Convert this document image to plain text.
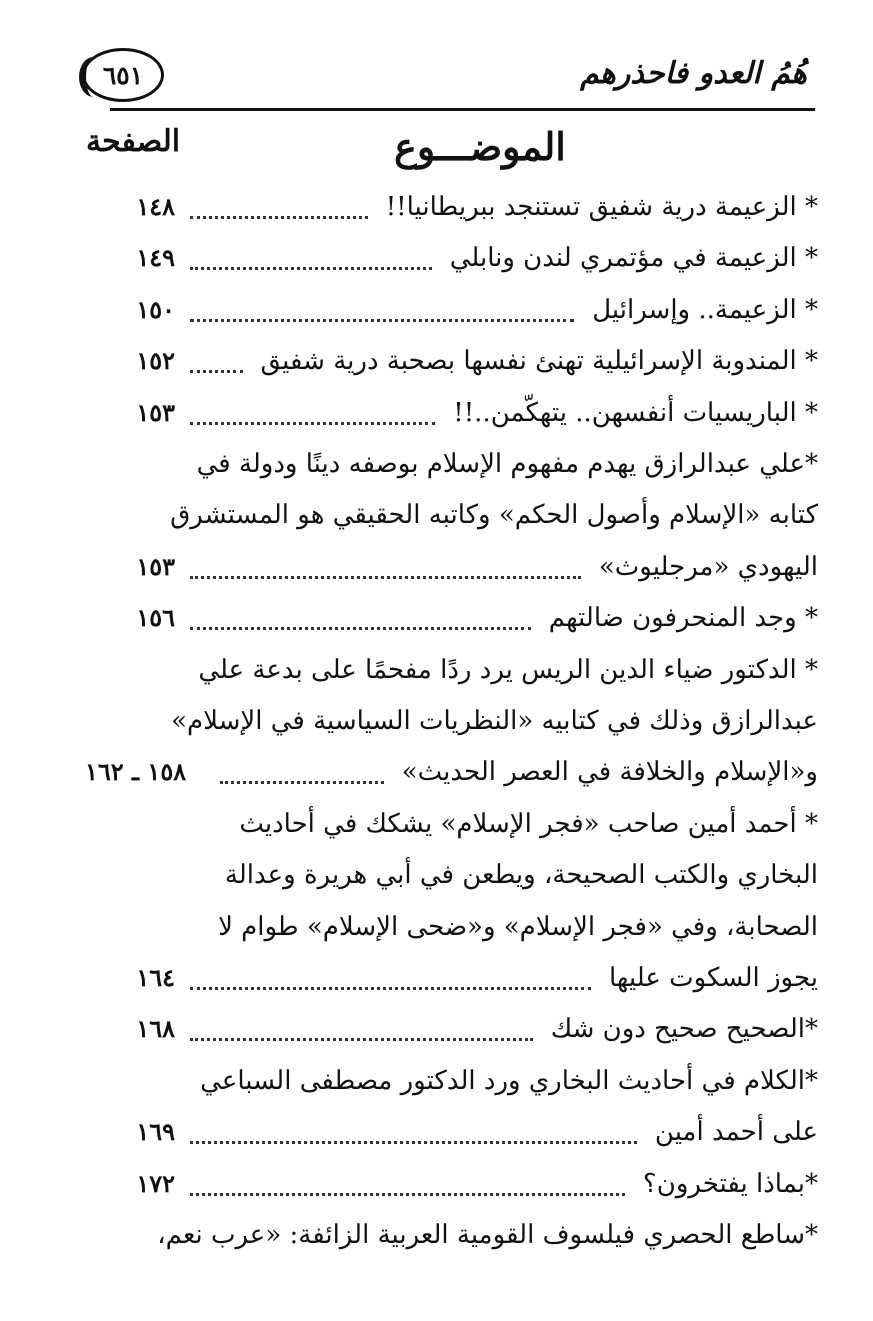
٦٥١	هُمُ العدو فاحذرهم
الموضـــوع
الصفحة
* الزعيمة درية شفيق تستنجد ببريطانيا!!
١٤٨
* الزعيمة في مؤتمري لندن ونابلي
١٤٩
* الزعيمة.. وإسرائيل
١٥٠
* المندوبة الإسرائيلية تهنئ نفسها بصحبة درية شفيق
١٥٢
* الباريسيات أنفسهن.. يتهكّمن..!!
١٥٣
*علي عبدالرازق يهدم مفهوم الإسلام بوصفه دينًا ودولة في
كتابه «الإسلام وأصول الحكم» وكاتبه الحقيقي هو المستشرق
اليهودي «مرجليوث»
١٥٣
* وجد المنحرفون ضالتهم
١٥٦
* الدكتور ضياء الدين الريس يرد ردًا مفحمًا على بدعة علي
عبدالرازق وذلك في كتابيه «النظريات السياسية في الإسلام»
و«الإسلام والخلافة في العصر الحديث»
١٥٨ ـ ١٦٢
* أحمد أمين صاحب «فجر الإسلام» يشكك في أحاديث
البخاري والكتب الصحيحة، ويطعن في أبي هريرة وعدالة
الصحابة، وفي «فجر الإسلام» و«ضحى الإسلام» طوام لا
يجوز السكوت عليها
١٦٤
*الصحيح صحيح دون شك
١٦٨
*الكلام في أحاديث البخاري ورد الدكتور مصطفى السباعي
على أحمد أمين
١٦٩
*بماذا يفتخرون؟
١٧٢
*ساطع الحصري فيلسوف القومية العربية الزائفة: «عرب نعم،
